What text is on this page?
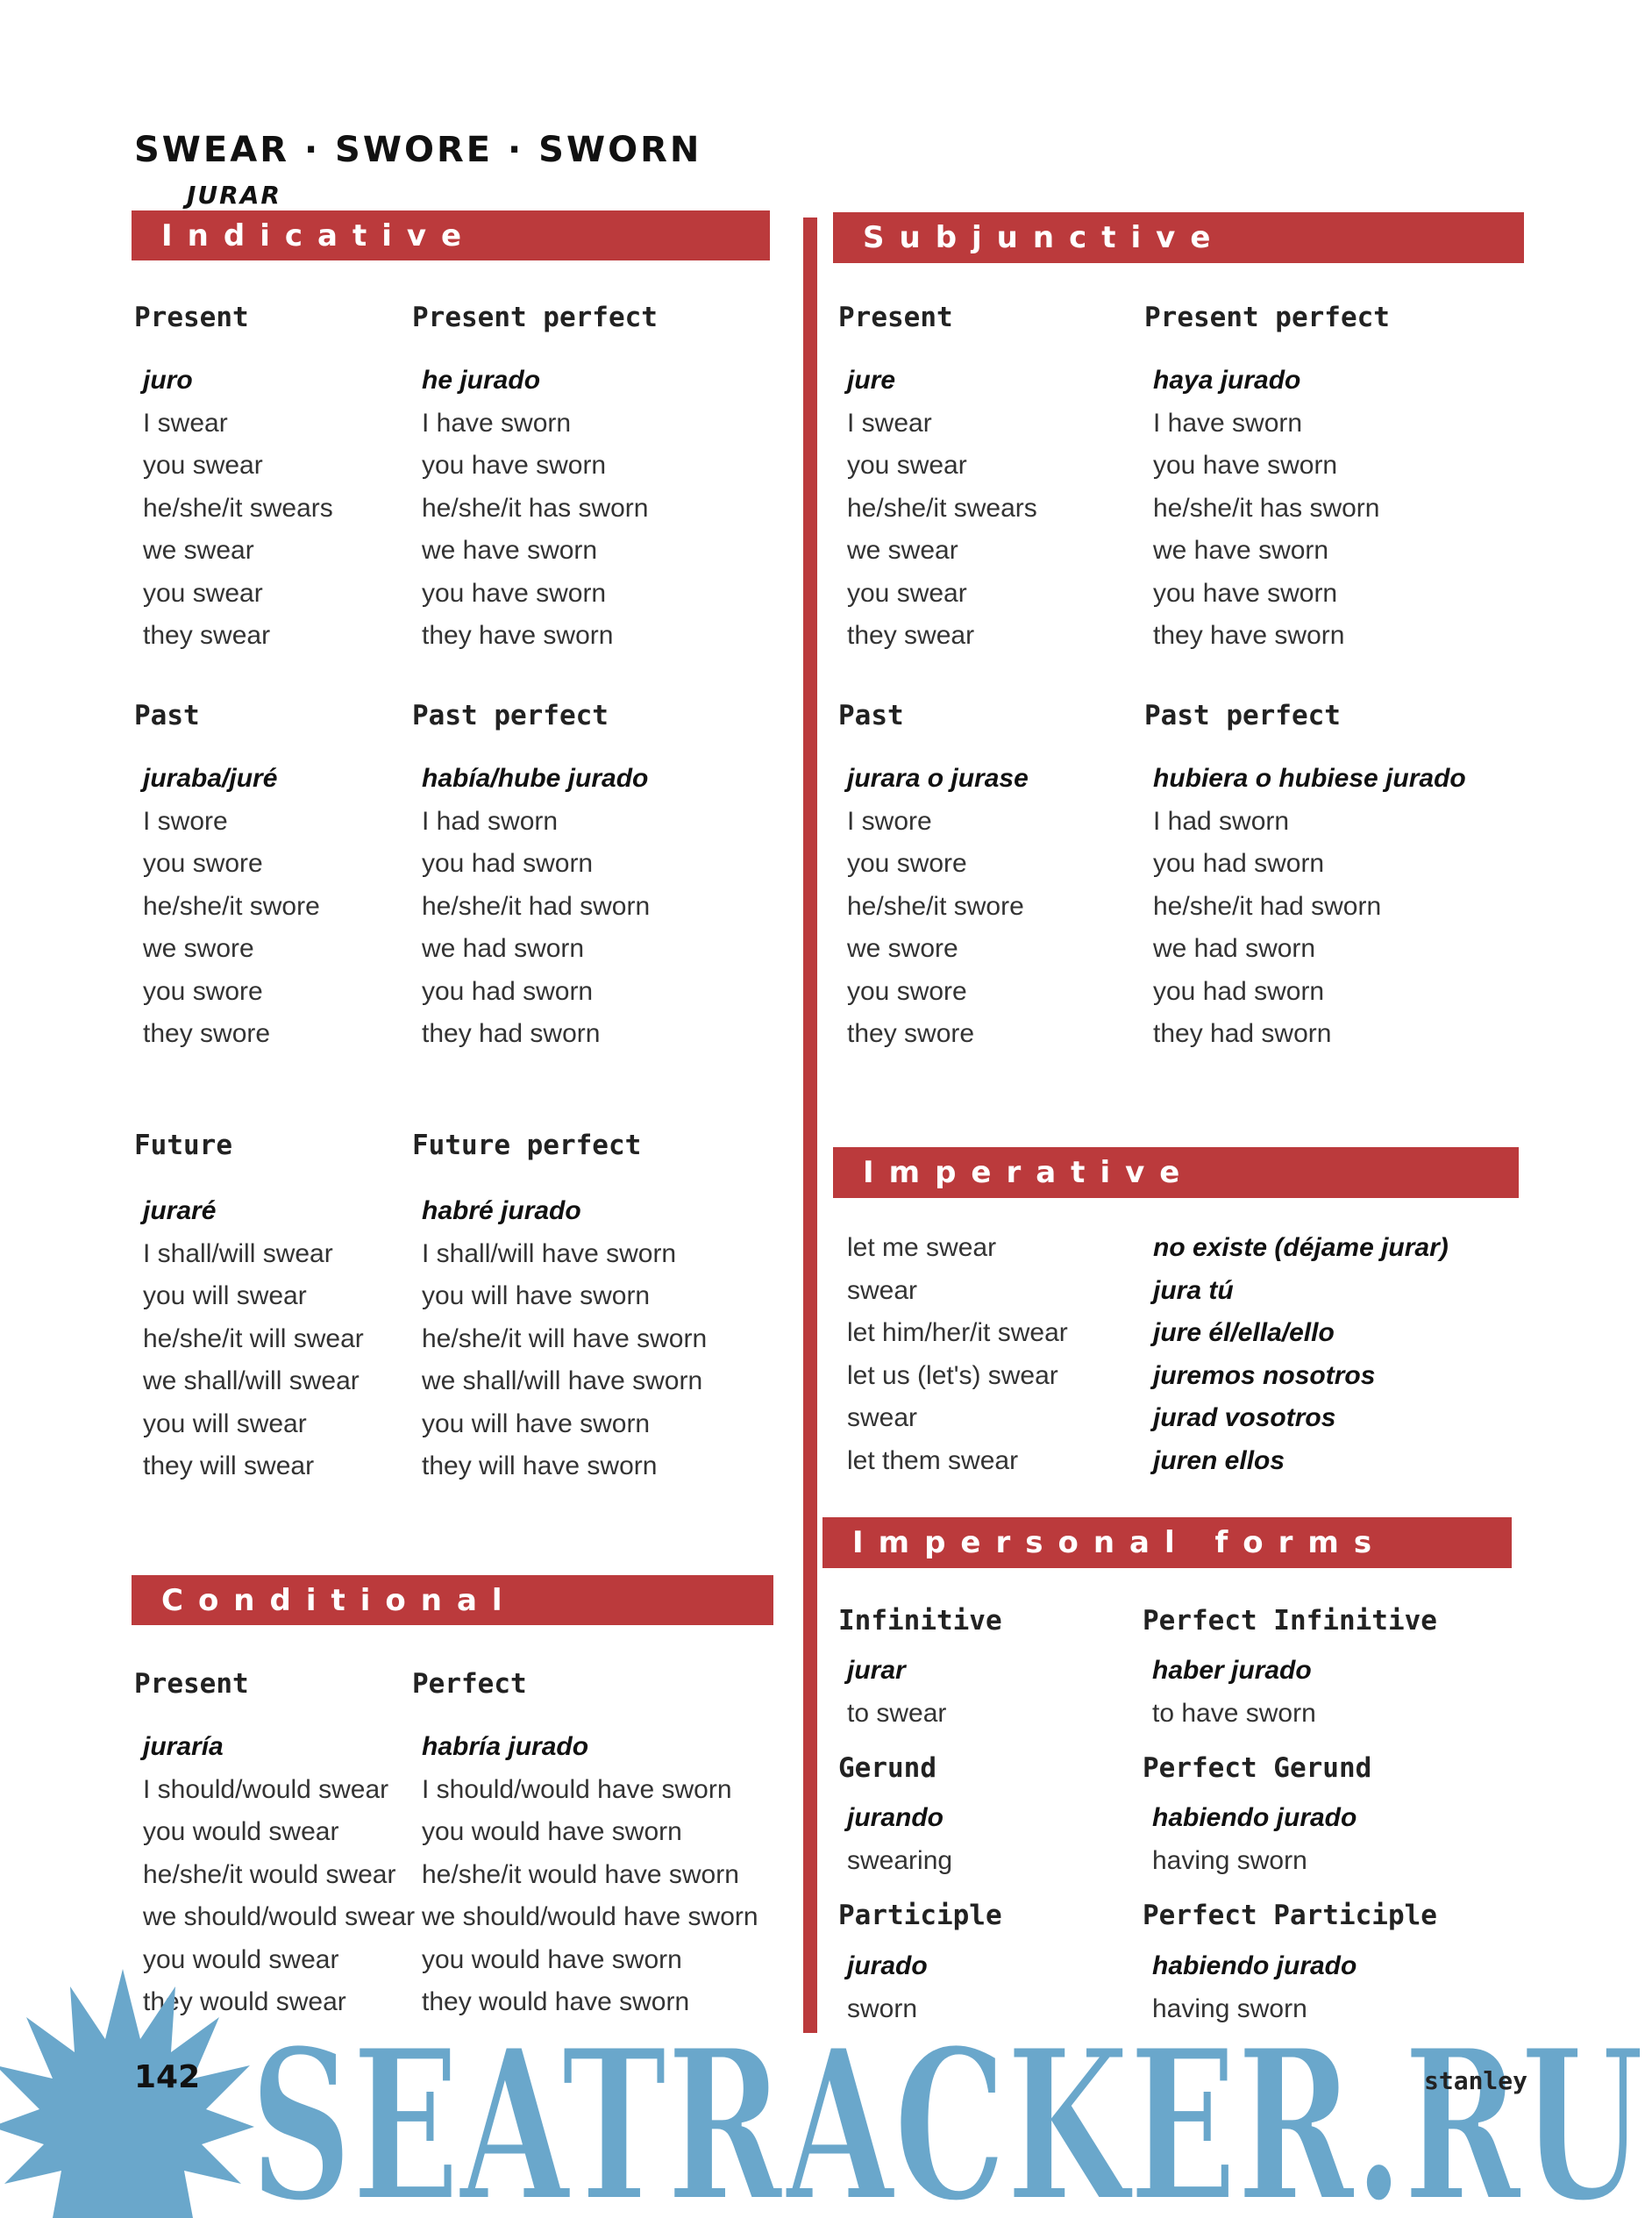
SWEAR · SWORE · SWORN
JURAR
Indicative	Subjunctive
Imperative
Conditional
Impersonal forms
Present
juro
I swear
you swear
he/she/it swears
we swear
you swear
they swear
Present perfect
he jurado
I have sworn
you have sworn
he/she/it has sworn
we have sworn
you have sworn
they have sworn
Past
juraba/juré
I swore
you swore
he/she/it swore
we swore
you swore
they swore
Past perfect
había/hube jurado
I had sworn
you had sworn
he/she/it had sworn
we had sworn
you had sworn
they had sworn
Future
juraré
I shall/will swear
you will swear
he/she/it will swear
we shall/will swear
you will swear
they will swear
Future perfect
habré jurado
I shall/will have sworn
you will have sworn
he/she/it will have sworn
we shall/will have sworn
you will have sworn
they will have sworn
Present
juraría
I should/would swear
you would swear
he/she/it would swear
we should/would swear
you would swear
they would swear
Perfect
habría jurado
I should/would have sworn
you would have sworn
he/she/it would have sworn
we should/would have sworn
you would have sworn
they would have sworn
Present
jure
I swear
you swear
he/she/it swears
we swear
you swear
they swear
Present perfect
haya jurado
I have sworn
you have sworn
he/she/it has sworn
we have sworn
you have sworn
they have sworn
Past
jurara o jurase
I swore
you swore
he/she/it swore
we swore
you swore
they swore
Past perfect
hubiera o hubiese jurado
I had sworn
you had sworn
he/she/it had sworn
we had sworn
you had sworn
they had sworn
let me swear
swear
let him/her/it swear
let us (let's) swear
swear
let them swear
no existe (déjame jurar)
jura tú
jure él/ella/ello
juremos nosotros
jurad vosotros
juren ellos
Infinitive
jurar
to swear
Perfect Infinitive
haber jurado
to have sworn
Gerund
jurando
swearing
Perfect Gerund
habiendo jurado
having sworn
Participle
jurado
sworn
Perfect Participle
habiendo jurado
having sworn
SEATRACKER.RU
142	stanley
